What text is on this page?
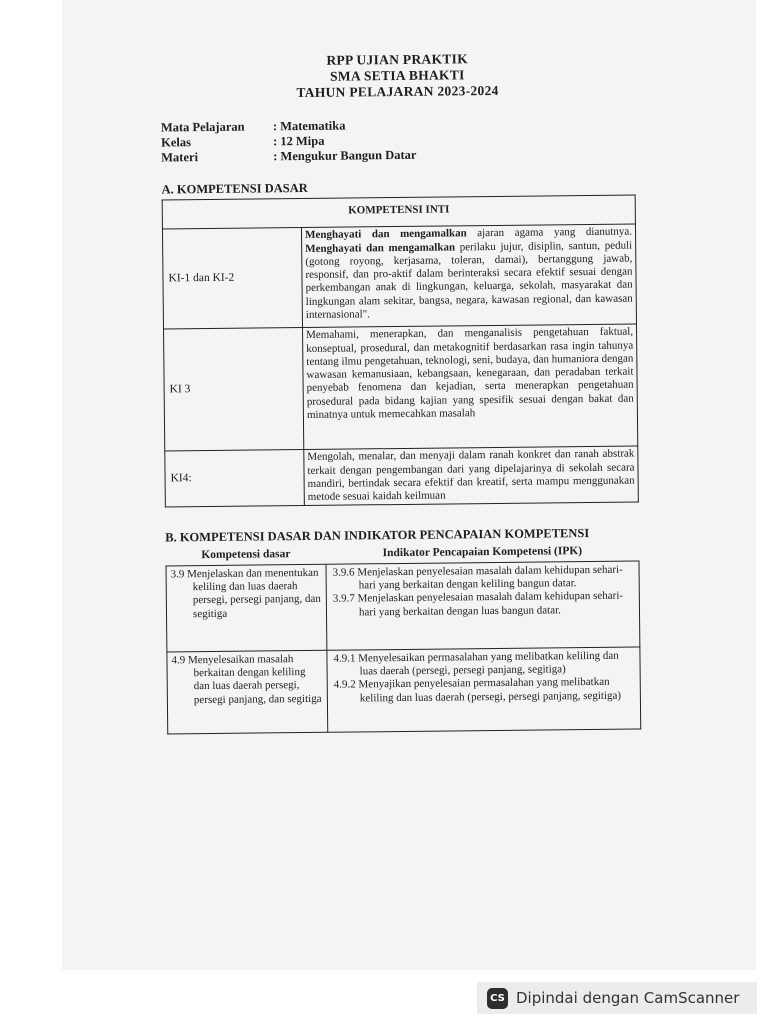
RPP UJIAN PRAKTIK
SMA SETIA BHAKTI
TAHUN PELAJARAN 2023-2024
Mata Pelajaran	: Matematika
Kelas	: 12 Mipa
Materi	: Mengukur Bangun Datar
A. KOMPETENSI DASAR
KOMPETENSI INTI	
KI-1 dan KI-2	Menghayati dan mengamalkan ajaran agama yang dianutnya. Menghayati dan mengamalkan perilaku jujur, disiplin, santun, peduli (gotong royong, kerjasama, toleran, damai), bertanggung jawab, responsif, dan pro-aktif dalam berinteraksi secara efektif sesuai dengan perkembangan anak di lingkungan, keluarga, sekolah, masyarakat dan lingkungan alam sekitar, bangsa, negara, kawasan regional, dan kawasan internasional".
KI 3	Memahami, menerapkan, dan menganalisis pengetahuan faktual, konseptual, prosedural, dan metakognitif berdasarkan rasa ingin tahunya tentang ilmu pengetahuan, teknologi, seni, budaya, dan humaniora dengan wawasan kemanusiaan, kebangsaan, kenegaraan, dan peradaban terkait penyebab fenomena dan kejadian, serta menerapkan pengetahuan prosedural pada bidang kajian yang spesifik sesuai dengan bakat dan minatnya untuk memecahkan masalah
KI4:	Mengolah, menalar, dan menyaji dalam ranah konkret dan ranah abstrak terkait dengan pengembangan dari yang dipelajarinya di sekolah secara mandiri, bertindak secara efektif dan kreatif, serta mampu menggunakan metode sesuai kaidah keilmuan
B. KOMPETENSI DASAR DAN INDIKATOR PENCAPAIAN KOMPETENSI
Kompetensi dasar	Indikator Pencapaian Kompetensi (IPK)

3.9 Menjelaskan dan menentukan keliling dan luas daerah persegi, persegi panjang, dan segitiga	3.9.6 Menjelaskan penyelesaian masalah dalam kehidupan sehari-hari yang berkaitan dengan keliling bangun datar.
3.9.7 Menjelaskan penyelesaian masalah dalam kehidupan sehari-hari yang berkaitan dengan luas bangun datar.

4.9 Menyelesaikan masalah berkaitan dengan keliling dan luas daerah persegi, persegi panjang, dan segitiga	4.9.1 Menyelesaikan permasalahan yang melibatkan keliling dan luas daerah (persegi, persegi panjang, segitiga)
4.9.2 Menyajikan penyelesaian permasalahan yang melibatkan keliling dan luas daerah (persegi, persegi panjang, segitiga)
CS Dipindai dengan CamScanner
